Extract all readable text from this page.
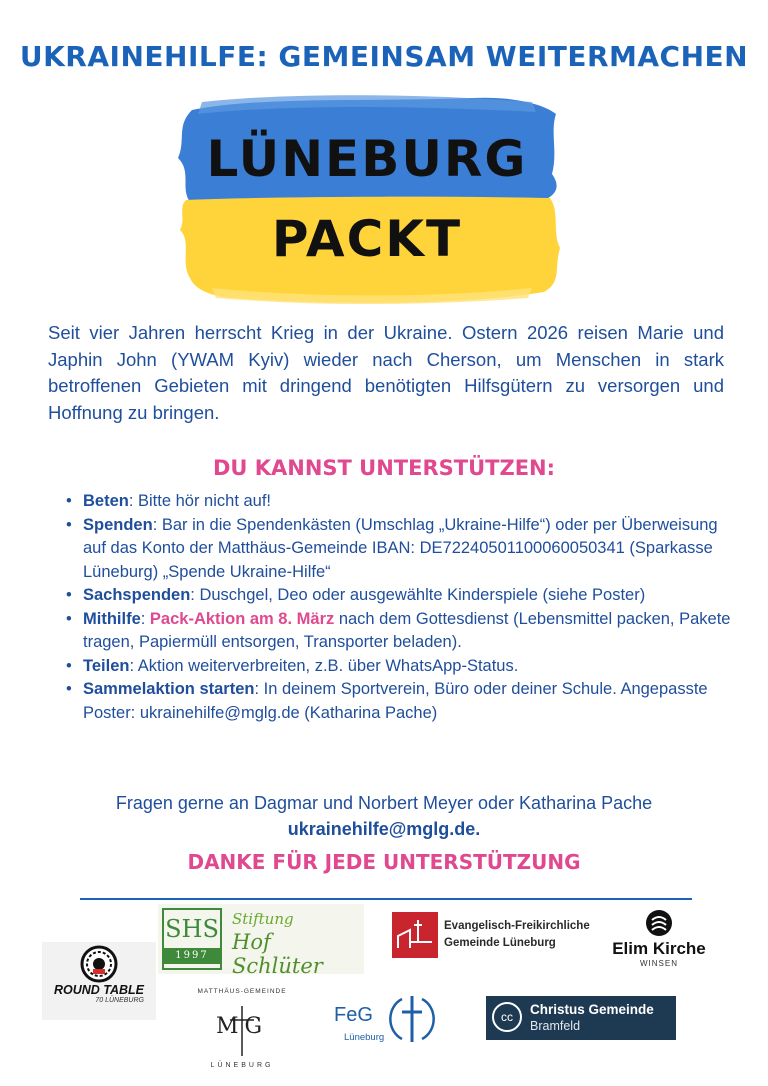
UKRAINEHILFE: GEMEINSAM WEITERMACHEN
LÜNEBURG
PACKT
Seit vier Jahren herrscht Krieg in der Ukraine. Ostern 2026 reisen Marie und Japhin John (YWAM Kyiv) wieder nach Cherson, um Menschen in stark betroffenen Gebieten mit dringend benötigten Hilfsgütern zu versorgen und Hoffnung zu bringen.
DU KANNST UNTERSTÜTZEN:
• Beten: Bitte hör nicht auf!
• Spenden: Bar in die Spendenkästen (Umschlag „Ukraine-Hilfe“) oder per Überweisung auf das Konto der Matthäus-Gemeinde IBAN: DE72240501100060050341 (Sparkasse Lüneburg) „Spende Ukraine-Hilfe“
• Sachspenden: Duschgel, Deo oder ausgewählte Kinderspiele (siehe Poster)
• Mithilfe: Pack-Aktion am 8. März nach dem Gottesdienst (Lebensmittel packen, Pakete tragen, Papiermüll entsorgen, Transporter beladen).
• Teilen: Aktion weiterverbreiten, z.B. über WhatsApp-Status.
• Sammelaktion starten: In deinem Sportverein, Büro oder deiner Schule. Angepasste Poster: ukrainehilfe@mglg.de (Katharina Pache)
Fragen gerne an Dagmar und Norbert Meyer oder Katharina Pache
ukrainehilfe@mglg.de.
DANKE FÜR JEDE UNTERSTÜTZUNG
SHS
1997
Stiftung
Hof Schlüter
Evangelisch-Freikirchliche
Gemeinde Lüneburg	Elim Kirche
WINSEN
ROUND TABLE
70 LÜNEBURG
MATTHÄUS-GEMEINDE
MG
LÜNEBURG
FeG
Lüneburg
cc	Christus Gemeinde
Bramfeld
